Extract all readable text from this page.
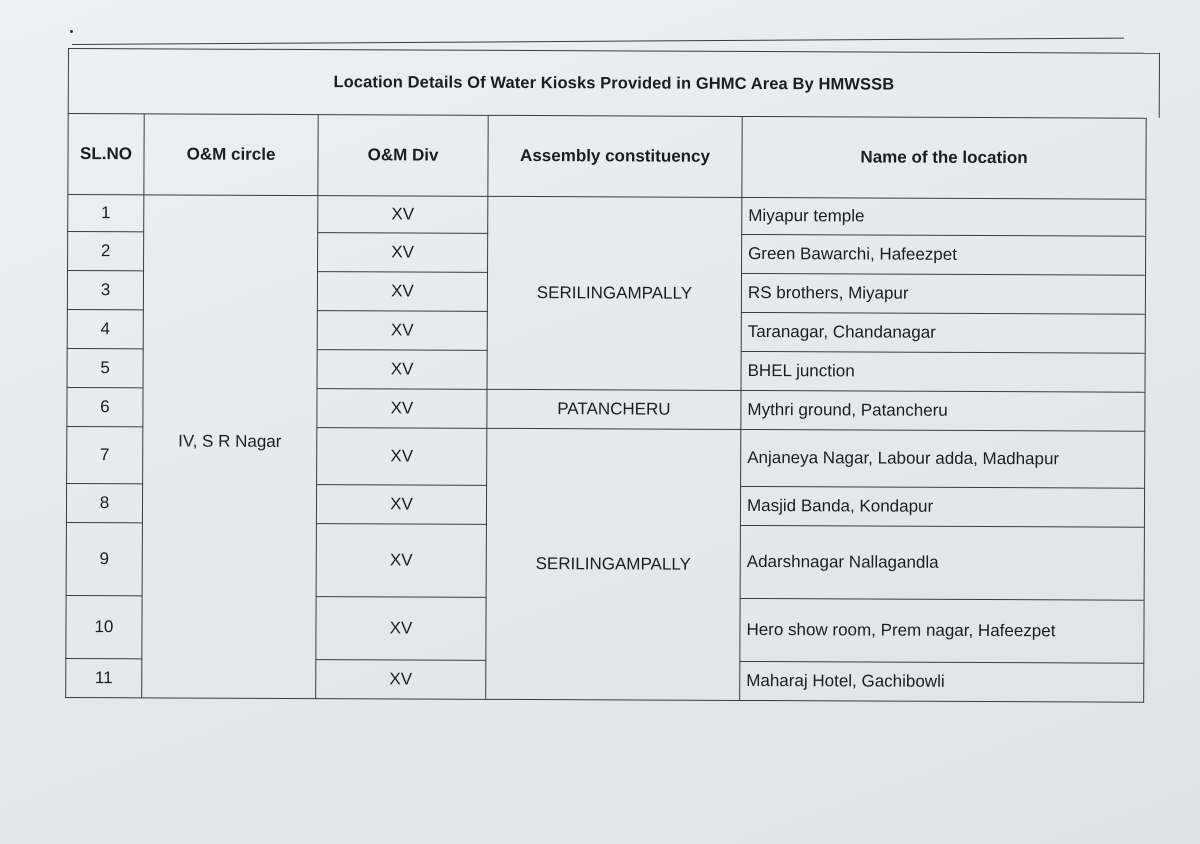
Location Details Of Water Kiosks Provided in GHMC Area By HMWSSB
SL.NO	O&M circle	O&M Div	Assembly constituency	Name of the location
1	IV, S R Nagar	XV	SERILINGAMPALLY	Miyapur temple
2		XV		Green Bawarchi, Hafeezpet
3		XV		RS brothers, Miyapur
4		XV		Taranagar, Chandanagar
5		XV		BHEL junction
6		XV	PATANCHERU	Mythri ground, Patancheru
7		XV	SERILINGAMPALLY	Anjaneya Nagar, Labour adda, Madhapur
8		XV		Masjid Banda, Kondapur
9		XV		Adarshnagar Nallagandla
10		XV		Hero show room, Prem nagar, Hafeezpet
11		XV		Maharaj Hotel, Gachibowli
